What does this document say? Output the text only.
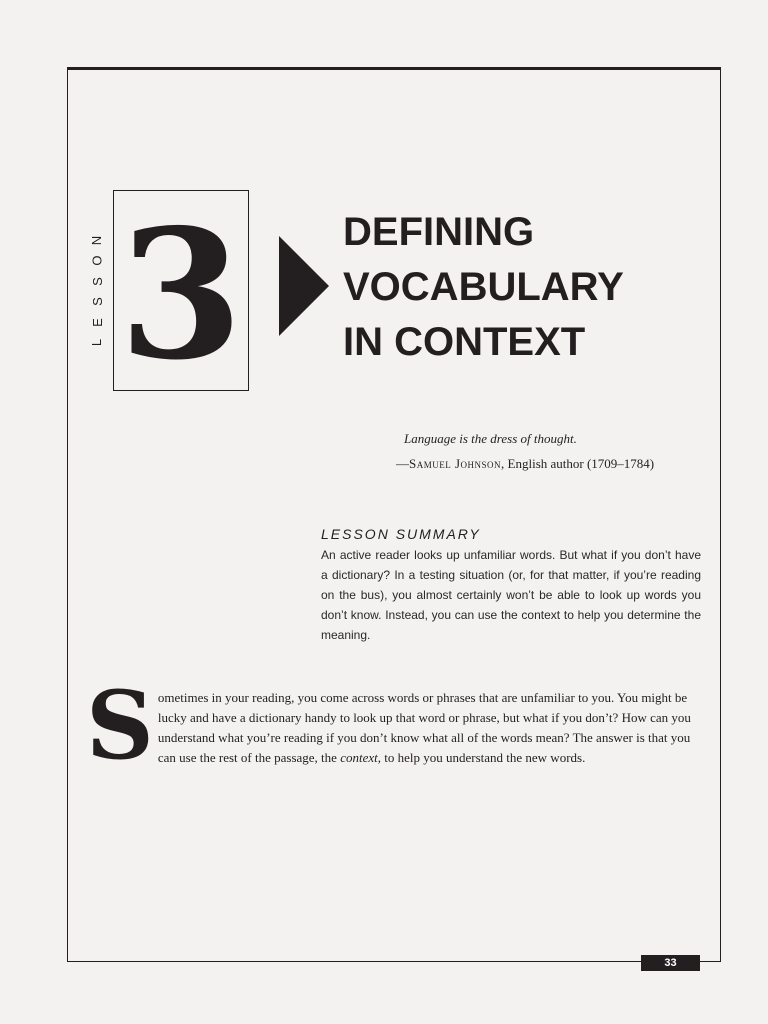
L
E
S
S
O
N 3	DEFINING
VOCABULARY
IN CONTEXT
Language is the dress of thought.
—Samuel Johnson, English author (1709–1784)
LESSON SUMMARY
An active reader looks up unfamiliar words. But what if you don’t have a dictionary? In a testing situation (or, for that matter, if you’re reading on the bus), you almost certainly won’t be able to look up words you don’t know. Instead, you can use the context to help you determine the meaning.
Sometimes in your reading, you come across words or phrases that are unfamiliar to you. You might be lucky and have a dictionary handy to look up that word or phrase, but what if you don’t? How can you understand what you’re reading if you don’t know what all of the words mean? The answer is that you can use the rest of the passage, the context, to help you understand the new words.
33
